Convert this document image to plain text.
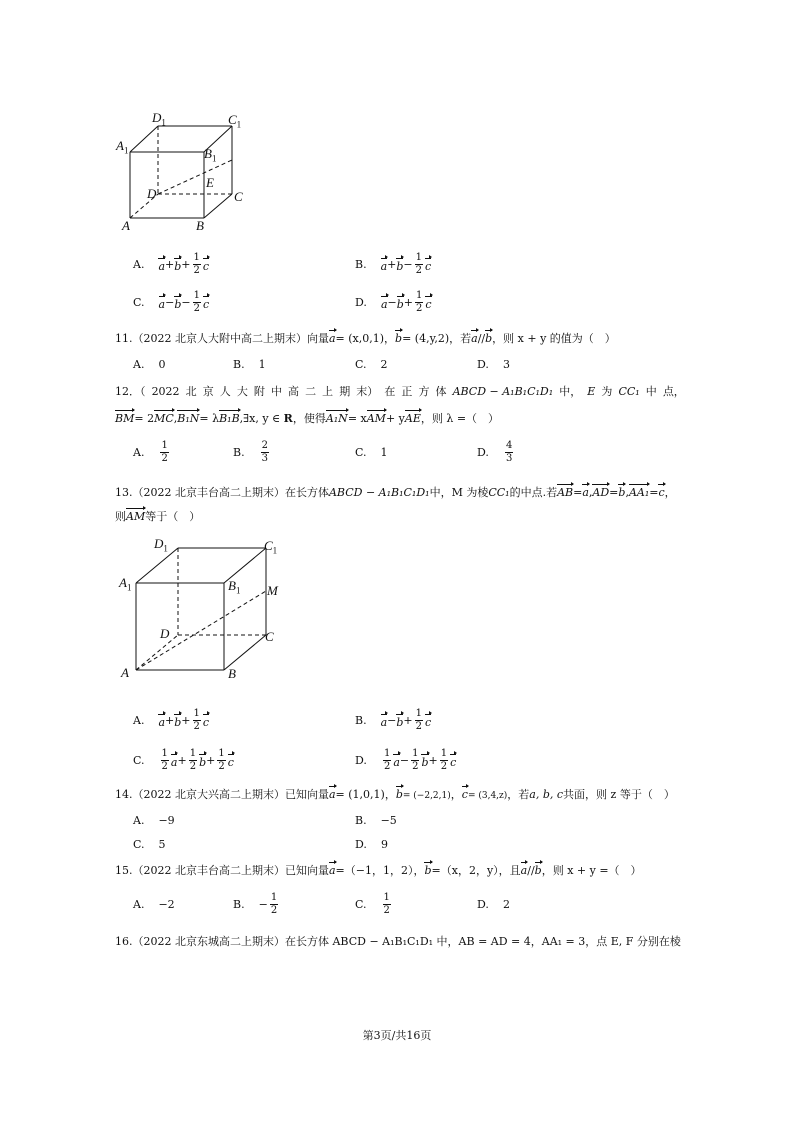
$D_1$	$C_1$
$A_1$	$B_1$
E
D	C
A	B
A. $a + b + \frac{1}{2}$ c	B. $a + b - \frac{1}{2}$ c
C. $a - b - \frac{1}{2}$ c	D. $a - b + \frac{1}{2}$ c
11.（2022 北京人大附中高二上期末）向量a= (x,0,1)，b= (4,y,2)，若a//b，则 x + y 的值为（　）
A. 0	B. 1	C. 2	D. 3
12．（ 2022 北 京 人 大 附 中 高 二 上 期 末） 在 正 方 体 ABCD − A₁B₁C₁D₁ 中， E 为 CC₁ 中 点，
BM= 2MC,B₁N= λB₁B,∃x, y ∈ R，使得A₁N= xAM+ yAE，则 λ =（　）
A. $\frac{1}{2}$	B. $\frac{2}{3}$	C. 1	D. $\frac{4}{3}$
13.（2022 北京丰台高二上期末）在长方体ABCD − A₁B₁C₁D₁中，M 为棱CC₁的中点.若AB=a,AD=b,AA₁=c，
则AM等于（　）
$D_1$	$C_1$
$A_1$	$B_1$ M
D	C
A	B
A. $a + b + \frac{1}{2}$ c	B. $a - b + \frac{1}{2}$ c
C. $\frac{1}{2}$ $a + \frac{1}{2}$ $b + \frac{1}{2}$ c	D. $\frac{1}{2}$ $a - \frac{1}{2}$ $b + \frac{1}{2}$ c
14.（2022 北京大兴高二上期末）已知向量a= (1,0,1)，b= (−2,2,1)，c= (3,4,z)，若a, b, c共面，则 z 等于（　）
A. −9	B. −5
C. 5	D. 9
15.（2022 北京丰台高二上期末）已知向量a=（−1，1，2），b=（x，2，y），且a//b，则 x + y =（　）
A. −2	B. − $\frac{1}{2}$	C. $\frac{1}{2}$	D. 2
16.（2022 北京东城高二上期末）在长方体 ABCD − A₁B₁C₁D₁ 中，AB = AD = 4，AA₁ = 3，点 E, F 分别在棱
第3页/共16页
